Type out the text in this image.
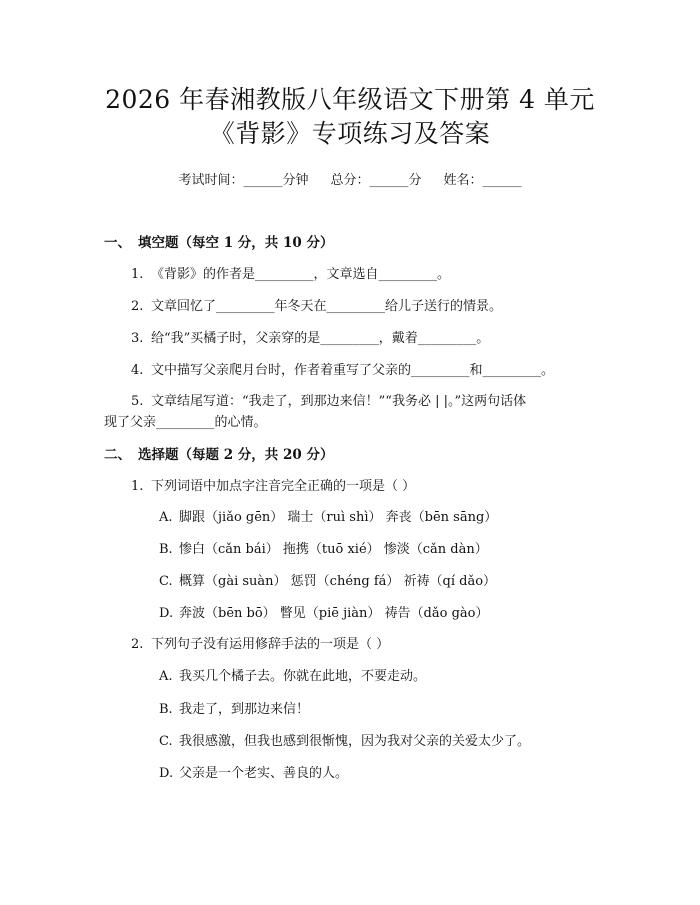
2026 年春湘教版八年级语文下册第 4 单元
《背影》专项练习及答案
考试时间：______分钟 总分：______分 姓名：______
一、 填空题（每空 1 分，共 10 分）
1. 《背影》的作者是_________，文章选自_________。
2. 文章回忆了_________年冬天在_________给儿子送行的情景。
3. 给“我”买橘子时，父亲穿的是_________，戴着_________。
4. 文中描写父亲爬月台时，作者着重写了父亲的_________和_________。
5. 文章结尾写道：“我走了，到那边来信！”“我务必 | |。”这两句话体
现了父亲_________的心情。
二、 选择题（每题 2 分，共 20 分）
1. 下列词语中加点字注音完全正确的一项是（ ）
A. 脚跟（jiǎo gēn） 瑞士（ruì shì） 奔丧（bēn sāng）
B. 惨白（cǎn bái） 拖携（tuō xié） 惨淡（cǎn dàn）
C. 概算（gài suàn） 惩罚（chéng fá） 祈祷（qí dǎo）
D. 奔波（bēn bō） 瞥见（piē jiàn） 祷告（dǎo gào）
2. 下列句子没有运用修辞手法的一项是（ ）
A. 我买几个橘子去。你就在此地，不要走动。
B. 我走了，到那边来信！
C. 我很感激，但我也感到很惭愧，因为我对父亲的关爱太少了。
D. 父亲是一个老实、善良的人。
